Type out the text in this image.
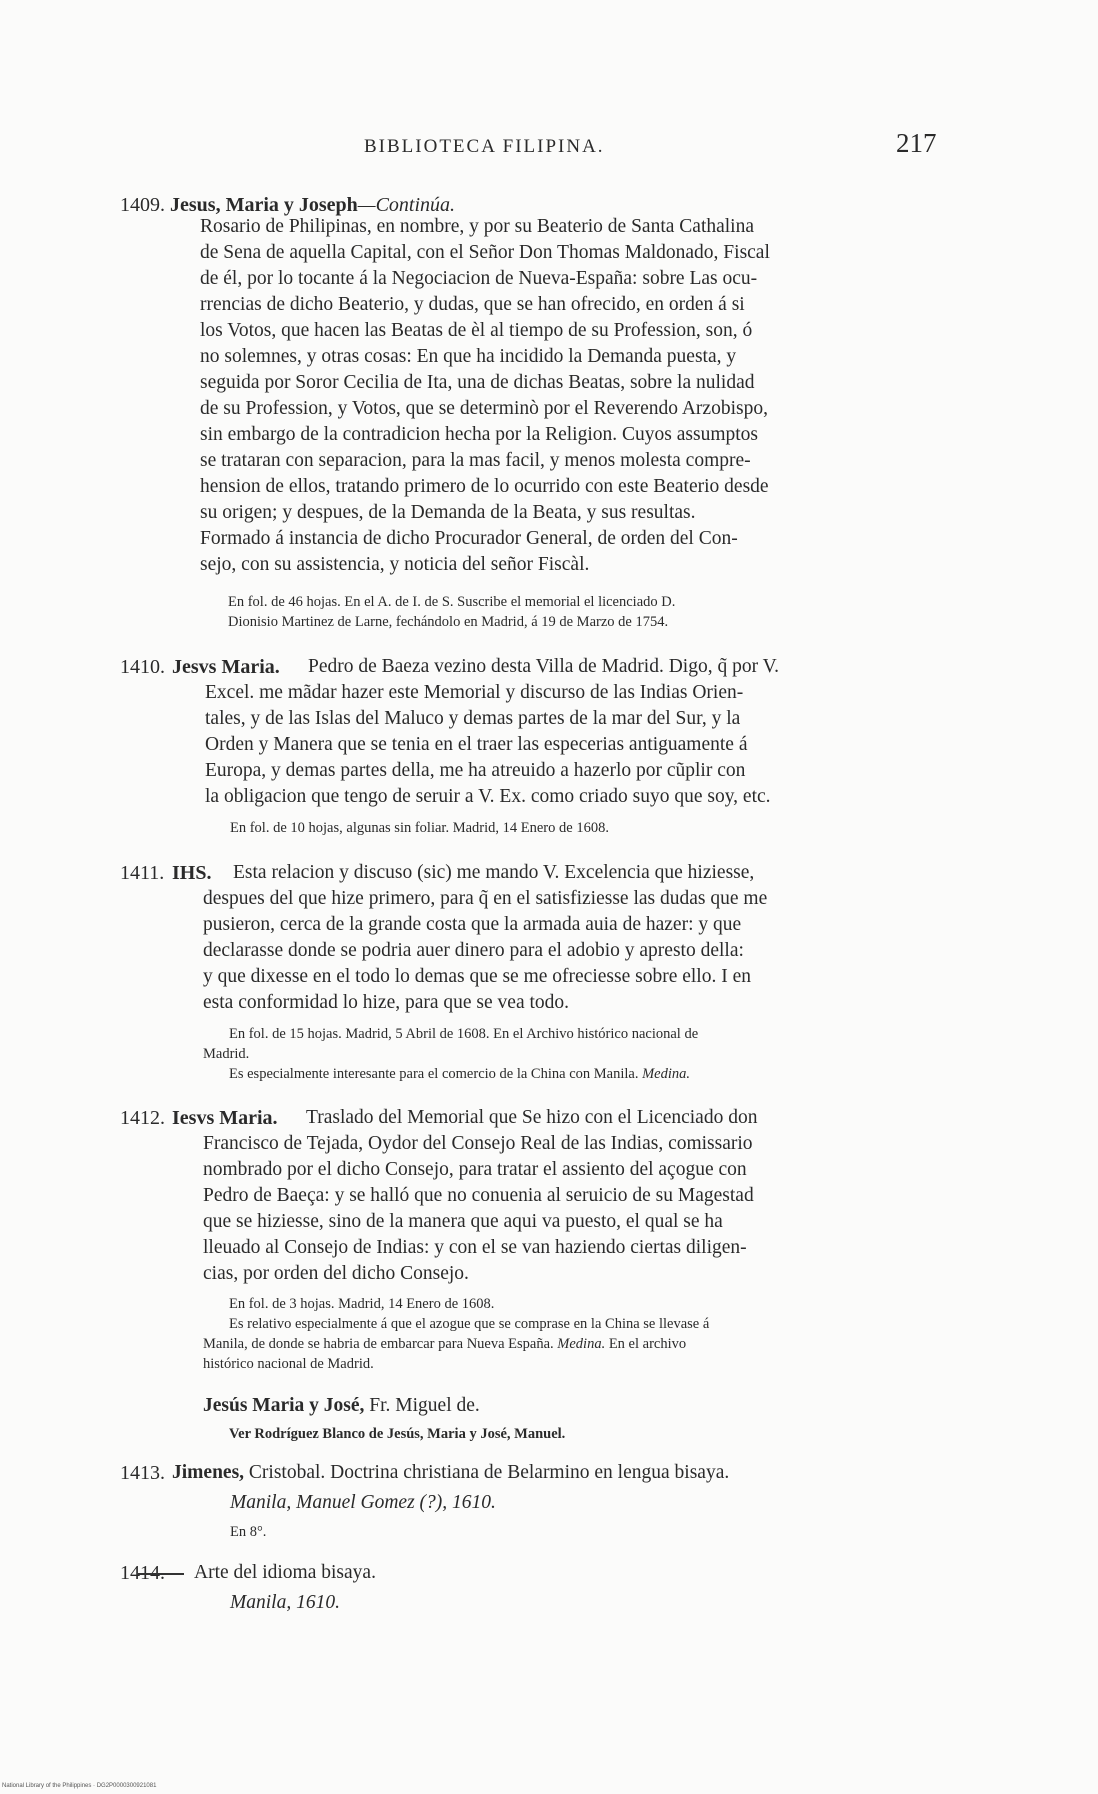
BIBLIOTECA FILIPINA.	217
1409. Jesus, Maria y Joseph—Continúa.

Rosario de Philipinas, en nombre, y por su Beaterio de Santa Cathalina

de Sena de aquella Capital, con el Señor Don Thomas Maldonado, Fiscal

de él, por lo tocante á la Negociacion de Nueva-España: sobre Las ocu-

rrencias de dicho Beaterio, y dudas, que se han ofrecido, en orden á si

los Votos, que hacen las Beatas de èl al tiempo de su Profession, son, ó

no solemnes, y otras cosas: En que ha incidido la Demanda puesta, y

seguida por Soror Cecilia de Ita, una de dichas Beatas, sobre la nulidad

de su Profession, y Votos, que se determinò por el Reverendo Arzobispo,

sin embargo de la contradicion hecha por la Religion. Cuyos assumptos

se trataran con separacion, para la mas facil, y menos molesta compre-

hension de ellos, tratando primero de lo ocurrido con este Beaterio desde

su origen; y despues, de la Demanda de la Beata, y sus resultas.

Formado á instancia de dicho Procurador General, de orden del Con-

sejo, con su assistencia, y noticia del señor Fiscàl.

En fol. de 46 hojas. En el A. de I. de S. Suscribe el memorial el licenciado D.

Dionisio Martinez de Larne, fechándolo en Madrid, á 19 de Marzo de 1754.

1410. Jesvs Maria.	Pedro de Baeza vezino desta Villa de Madrid. Digo, q̃ por V.

Excel. me mãdar hazer este Memorial y discurso de las Indias Orien-

tales, y de las Islas del Maluco y demas partes de la mar del Sur, y la

Orden y Manera que se tenia en el traer las especerias antiguamente á

Europa, y demas partes della, me ha atreuido a hazerlo por cũplir con

la obligacion que tengo de seruir a V. Ex. como criado suyo que soy, etc.

En fol. de 10 hojas, algunas sin foliar. Madrid, 14 Enero de 1608.

1411. IHS.	Esta relacion y discuso (sic) me mando V. Excelencia que hiziesse,

despues del que hize primero, para q̃ en el satisfiziesse las dudas que me

pusieron, cerca de la grande costa que la armada auia de hazer: y que

declarasse donde se podria auer dinero para el adobio y apresto della:

y que dixesse en el todo lo demas que se me ofreciesse sobre ello. I en

esta conformidad lo hize, para que se vea todo.

En fol. de 15 hojas. Madrid, 5 Abril de 1608. En el Archivo histórico nacional de

Madrid.

Es especialmente interesante para el comercio de la China con Manila. Medina.

1412. Iesvs Maria.	Traslado del Memorial que Se hizo con el Licenciado don

Francisco de Tejada, Oydor del Consejo Real de las Indias, comissario

nombrado por el dicho Consejo, para tratar el assiento del açogue con

Pedro de Baeça: y se halló que no conuenia al seruicio de su Magestad

que se hiziesse, sino de la manera que aqui va puesto, el qual se ha

lleuado al Consejo de Indias: y con el se van haziendo ciertas diligen-

cias, por orden del dicho Consejo.

En fol. de 3 hojas. Madrid, 14 Enero de 1608.

Es relativo especialmente á que el azogue que se comprase en la China se llevase á

Manila, de donde se habria de embarcar para Nueva España. Medina. En el archivo

histórico nacional de Madrid.

Jesús Maria y José, Fr. Miguel de.
Ver Rodríguez Blanco de Jesús, Maria y José, Manuel.
1413. Jimenes, Cristobal. Doctrina christiana de Belarmino en lengua bisaya.
Manila, Manuel Gomez (?), 1610.
En 8°.
1414.	Arte del idioma bisaya.
Manila, 1610.
National Library of the Philippines · DG2P0000300921081
